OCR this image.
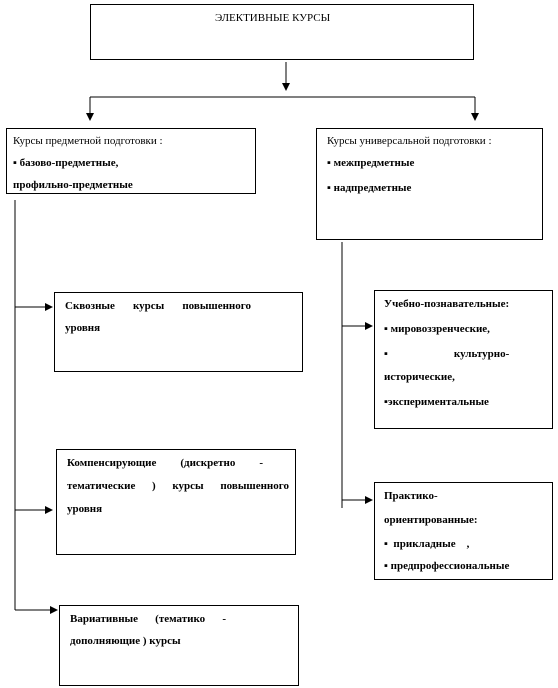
ЭЛЕКТИВНЫЕ КУРСЫ
Курсы предметной подготовки :
▪ базово-предметные,
профильно-предметные
Курсы универсальной подготовки :
▪ межпредметные
▪ надпредметные
Сквозные курсы повышенного
уровня
Компенсирующие (дискретно -
тематические ) курсы повышенного
уровня
Вариативные (тематико -
дополняющие ) курсы
Учебно-познавательные:
▪ мировоззренческие,
▪                        культурно-
исторические,
▪экспериментальные
Практико-
ориентированные:
▪  прикладные    ,
▪ предпрофессиональные
